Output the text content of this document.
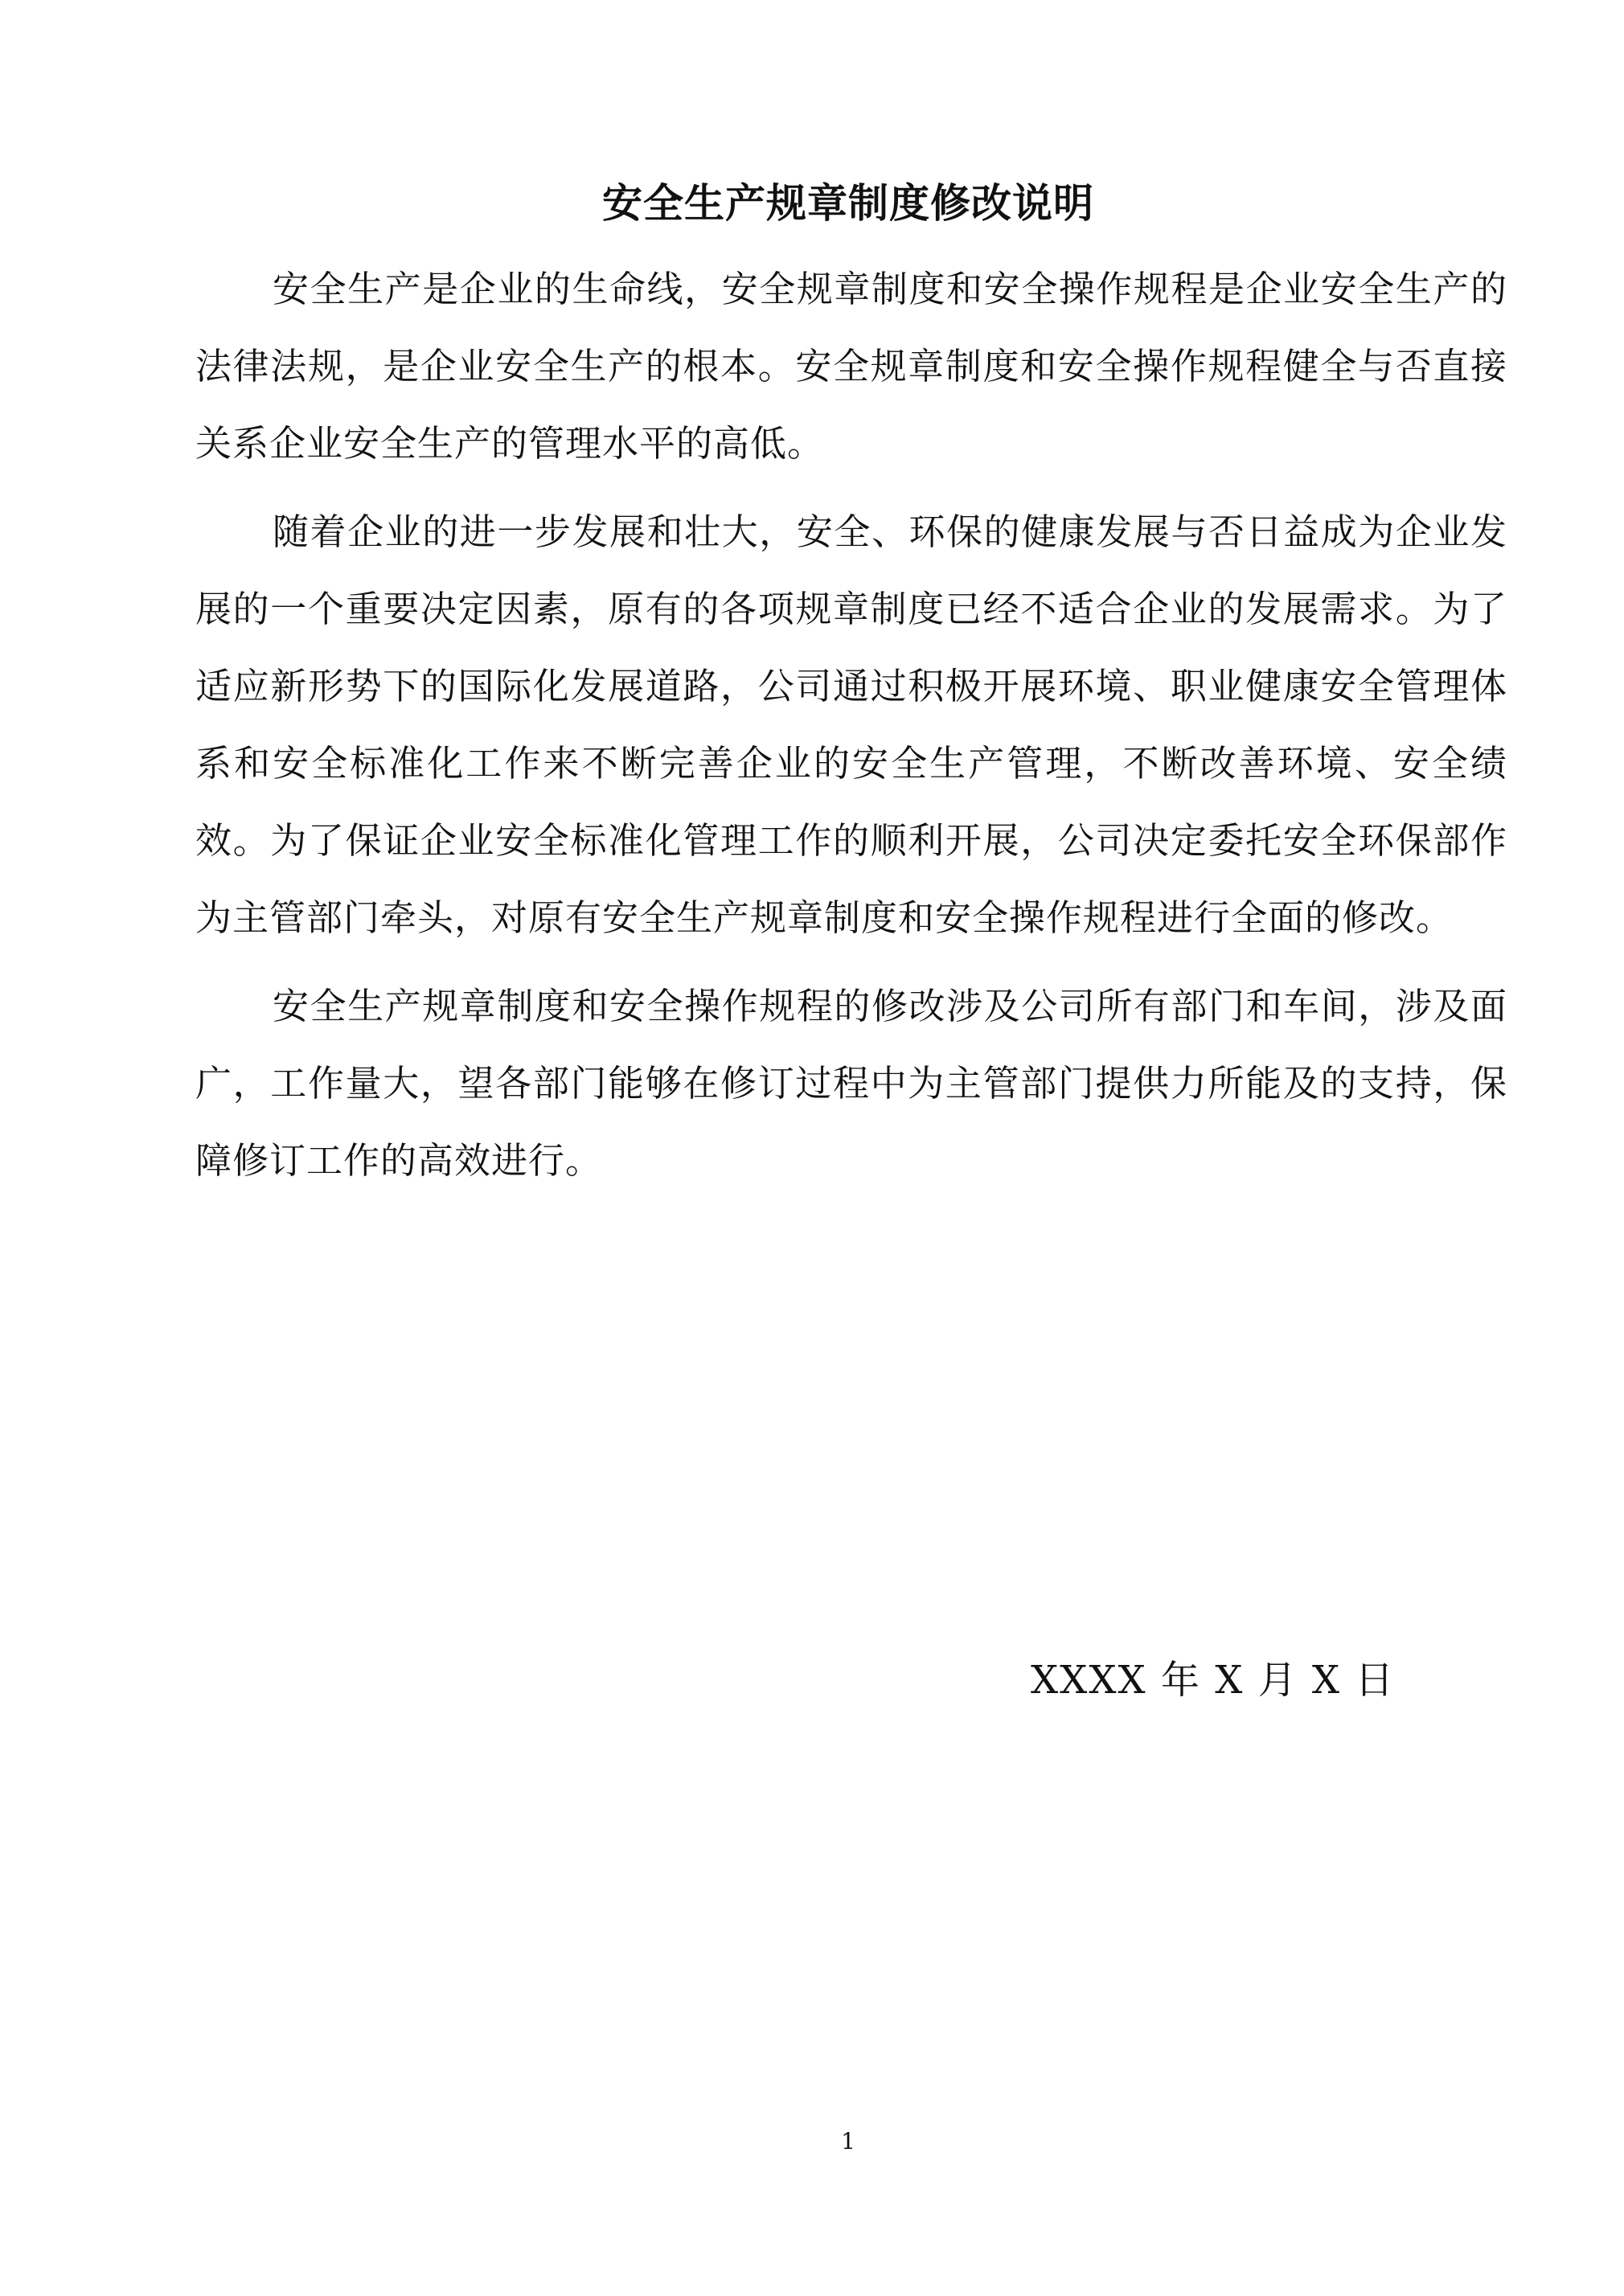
安全生产规章制度修改说明

安全生产是企业的生命线，安全规章制度和安全操作规程是企业安全生产的法律法规，是企业安全生产的根本。安全规章制度和安全操作规程健全与否直接关系企业安全生产的管理水平的高低。

随着企业的进一步发展和壮大，安全、环保的健康发展与否日益成为企业发展的一个重要决定因素，原有的各项规章制度已经不适合企业的发展需求。为了适应新形势下的国际化发展道路，公司通过积极开展环境、职业健康安全管理体系和安全标准化工作来不断完善企业的安全生产管理，不断改善环境、安全绩效。为了保证企业安全标准化管理工作的顺利开展，公司决定委托安全环保部作为主管部门牵头，对原有安全生产规章制度和安全操作规程进行全面的修改。

安全生产规章制度和安全操作规程的修改涉及公司所有部门和车间，涉及面广，工作量大，望各部门能够在修订过程中为主管部门提供力所能及的支持，保障修订工作的高效进行。

XXXX 年 X 月 X 日
1
